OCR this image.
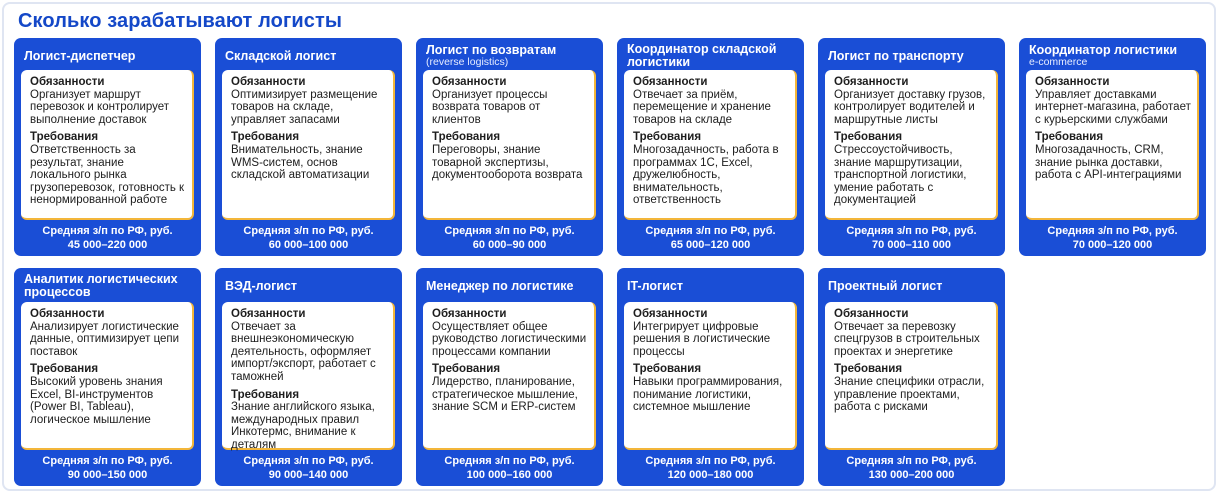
Сколько зарабатывают логисты
Логист-диспетчер
Обязанности
Организует маршрут перевозок и контролирует выполнение доставок
Требования
Ответственность за результат, знание локального рынка грузоперевозок, готовность к ненормированной работе
Средняя з/п по РФ, руб.
45 000–220 000
Складской логист
Обязанности
Оптимизирует размещение товаров на складе, управляет запасами
Требования
Внимательность, знание WMS-систем, основ складской автоматизации
Средняя з/п по РФ, руб.
60 000–100 000
Логист по возвратам
(reverse logistics)
Обязанности
Организует процессы возврата товаров от клиентов
Требования
Переговоры, знание товарной экспертизы, документооборота возврата
Средняя з/п по РФ, руб.
60 000–90 000
Координатор складской логистики
Обязанности
Отвечает за приём, перемещение и хранение товаров на складе
Требования
Многозадачность, работа в программах 1С, Excel, дружелюбность, внимательность, ответственность
Средняя з/п по РФ, руб.
65 000–120 000
Логист по транспорту
Обязанности
Организует доставку грузов, контролирует водителей и маршрутные листы
Требования
Стрессоустойчивость, знание маршрутизации, транспортной логистики, умение работать с документацией
Средняя з/п по РФ, руб.
70 000–110 000
Координатор логистики
e-commerce
Обязанности
Управляет доставками интернет-магазина, работает с курьерскими службами
Требования
Многозадачность, CRM, знание рынка доставки, работа с API-интеграциями
Средняя з/п по РФ, руб.
70 000–120 000
Аналитик логистических процессов
Обязанности
Анализирует логистические данные, оптимизирует цепи поставок
Требования
Высокий уровень знания Excel, BI-инструментов (Power BI, Tableau), логическое мышление
Средняя з/п по РФ, руб.
90 000–150 000
ВЭД-логист
Обязанности
Отвечает за внешнеэкономическую деятельность, оформляет импорт/экспорт, работает с таможней
Требования
Знание английского языка, международных правил Инкотермс, внимание к деталям
Средняя з/п по РФ, руб.
90 000–140 000
Менеджер по логистике
Обязанности
Осуществляет общее руководство логистическими процессами компании
Требования
Лидерство, планирование, стратегическое мышление, знание SCM и ERP-систем
Средняя з/п по РФ, руб.
100 000–160 000
IT-логист
Обязанности
Интегрирует цифровые решения в логистические процессы
Требования
Навыки программирования, понимание логистики, системное мышление
Средняя з/п по РФ, руб.
120 000–180 000
Проектный логист
Обязанности
Отвечает за перевозку спецгрузов в строительных проектах и энергетике
Требования
Знание специфики отрасли, управление проектами, работа с рисками
Средняя з/п по РФ, руб.
130 000–200 000
